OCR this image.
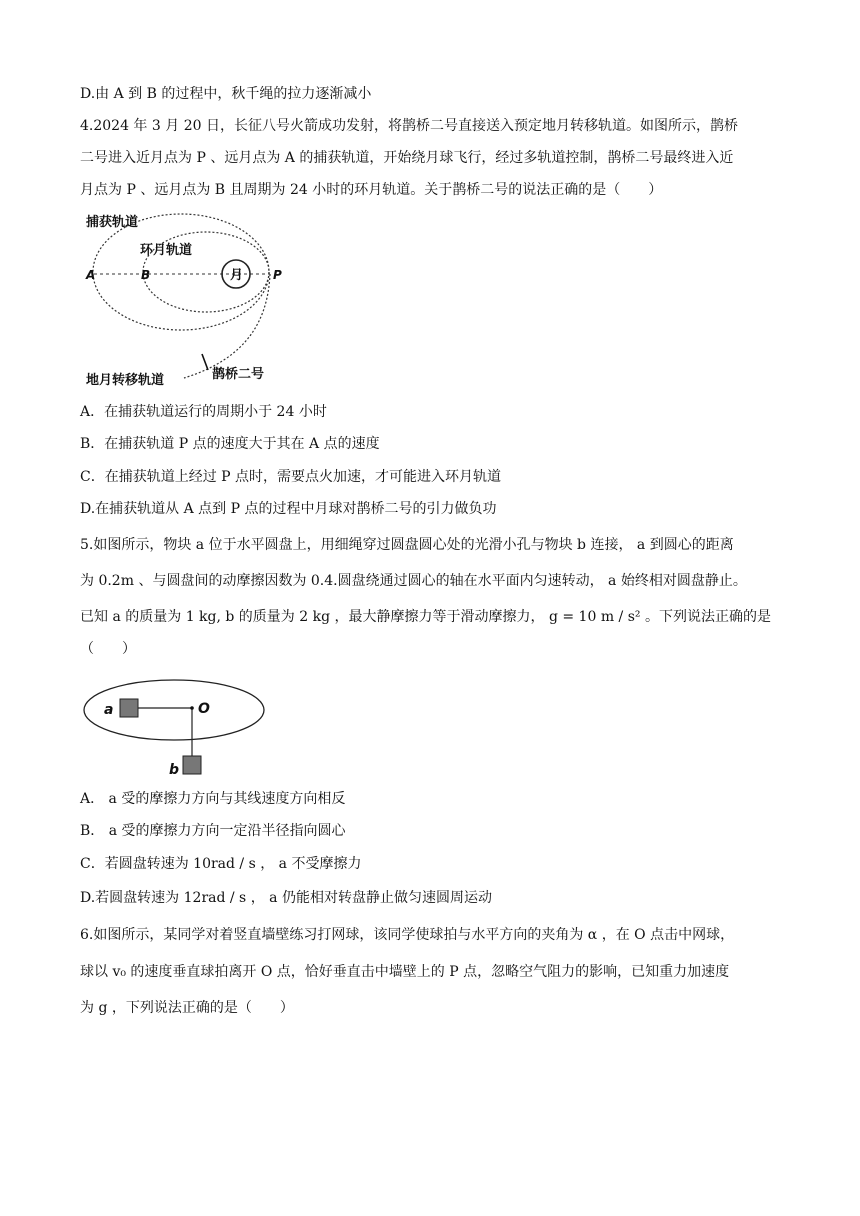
D.由 A 到 B 的过程中，秋千绳的拉力逐渐减小
4.2024 年 3 月 20 日，长征八号火箭成功发射，将鹊桥二号直接送入预定地月转移轨道。如图所示，鹊桥
二号进入近月点为 P 、远月点为 A 的捕获轨道，开始绕月球飞行，经过多轨道控制，鹊桥二号最终进入近
月点为 P 、远月点为 B 且周期为 24 小时的环月轨道。关于鹊桥二号的说法正确的是（　　）
捕获轨道
环月轨道
月
A	B	P
地月转移轨道	鹊桥二号
A．在捕获轨道运行的周期小于 24 小时
B．在捕获轨道 P 点的速度大于其在 A 点的速度
C．在捕获轨道上经过 P 点时，需要点火加速，才可能进入环月轨道
D.在捕获轨道从 A 点到 P 点的过程中月球对鹊桥二号的引力做负功
5.如图所示，物块 a 位于水平圆盘上，用细绳穿过圆盘圆心处的光滑小孔与物块 b 连接， a 到圆心的距离
为 0.2m 、与圆盘间的动摩擦因数为 0.4.圆盘绕通过圆心的轴在水平面内匀速转动， a 始终相对圆盘静止。
已知 a 的质量为 1 kg, b 的质量为 2 kg ，最大静摩擦力等于滑动摩擦力， g = 10 m / s² 。下列说法正确的是
（　　）
a	O
b
A． a 受的摩擦力方向与其线速度方向相反
B． a 受的摩擦力方向一定沿半径指向圆心
C．若圆盘转速为 10rad / s ， a 不受摩擦力
D.若圆盘转速为 12rad / s ， a 仍能相对转盘静止做匀速圆周运动
6.如图所示，某同学对着竖直墙壁练习打网球，该同学使球拍与水平方向的夹角为 α ，在 O 点击中网球，
球以 v₀ 的速度垂直球拍离开 O 点，恰好垂直击中墙壁上的 P 点，忽略空气阻力的影响，已知重力加速度
为 g ，下列说法正确的是（　　）
